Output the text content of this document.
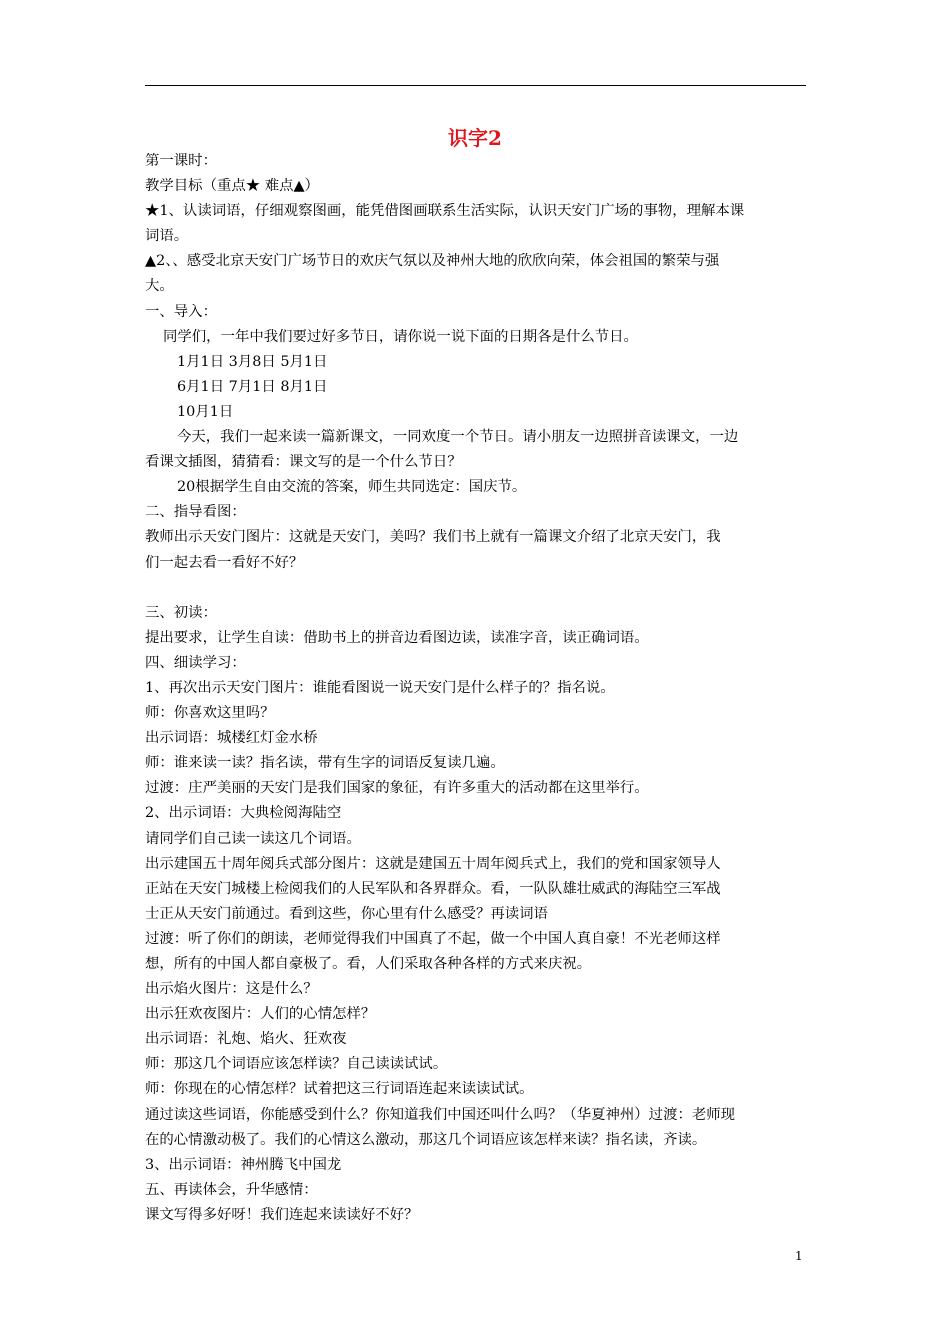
识字2
第一课时：
教学目标（重点★ 难点▲）
★1、认读词语，仔细观察图画，能凭借图画联系生活实际，认识天安门广场的事物，理解本课
词语。
▲2、、感受北京天安门广场节日的欢庆气氛以及神州大地的欣欣向荣，体会祖国的繁荣与强
大。
一、导入：
同学们，一年中我们要过好多节日，请你说一说下面的日期各是什么节日。
1月1日 3月8日 5月1日
6月1日 7月1日 8月1日
10月1日
今天，我们一起来读一篇新课文，一同欢度一个节日。请小朋友一边照拼音读课文，一边
看课文插图，猜猜看：课文写的是一个什么节日？
20根据学生自由交流的答案，师生共同选定：国庆节。
二、指导看图：
教师出示天安门图片：这就是天安门，美吗？我们书上就有一篇课文介绍了北京天安门，我
们一起去看一看好不好？
三、初读：
提出要求，让学生自读：借助书上的拼音边看图边读，读准字音，读正确词语。
四、细读学习：
1、再次出示天安门图片：谁能看图说一说天安门是什么样子的？指名说。
师：你喜欢这里吗？
出示词语：城楼红灯金水桥
师：谁来读一读？指名读，带有生字的词语反复读几遍。
过渡：庄严美丽的天安门是我们国家的象征，有许多重大的活动都在这里举行。
2、出示词语：大典检阅海陆空
请同学们自己读一读这几个词语。
出示建国五十周年阅兵式部分图片：这就是建国五十周年阅兵式上，我们的党和国家领导人
正站在天安门城楼上检阅我们的人民军队和各界群众。看，一队队雄壮威武的海陆空三军战
士正从天安门前通过。看到这些，你心里有什么感受？再读词语
过渡：听了你们的朗读，老师觉得我们中国真了不起，做一个中国人真自豪！不光老师这样
想，所有的中国人都自豪极了。看，人们采取各种各样的方式来庆祝。
出示焰火图片：这是什么？
出示狂欢夜图片：人们的心情怎样？
出示词语：礼炮、焰火、狂欢夜
师：那这几个词语应该怎样读？自己读读试试。
师：你现在的心情怎样？试着把这三行词语连起来读读试试。
通过读这些词语，你能感受到什么？你知道我们中国还叫什么吗？（华夏神州）过渡：老师现
在的心情激动极了。我们的心情这么激动，那这几个词语应该怎样来读？指名读，齐读。
3、出示词语：神州腾飞中国龙
五、再读体会，升华感情：
课文写得多好呀！我们连起来读读好不好？
1
